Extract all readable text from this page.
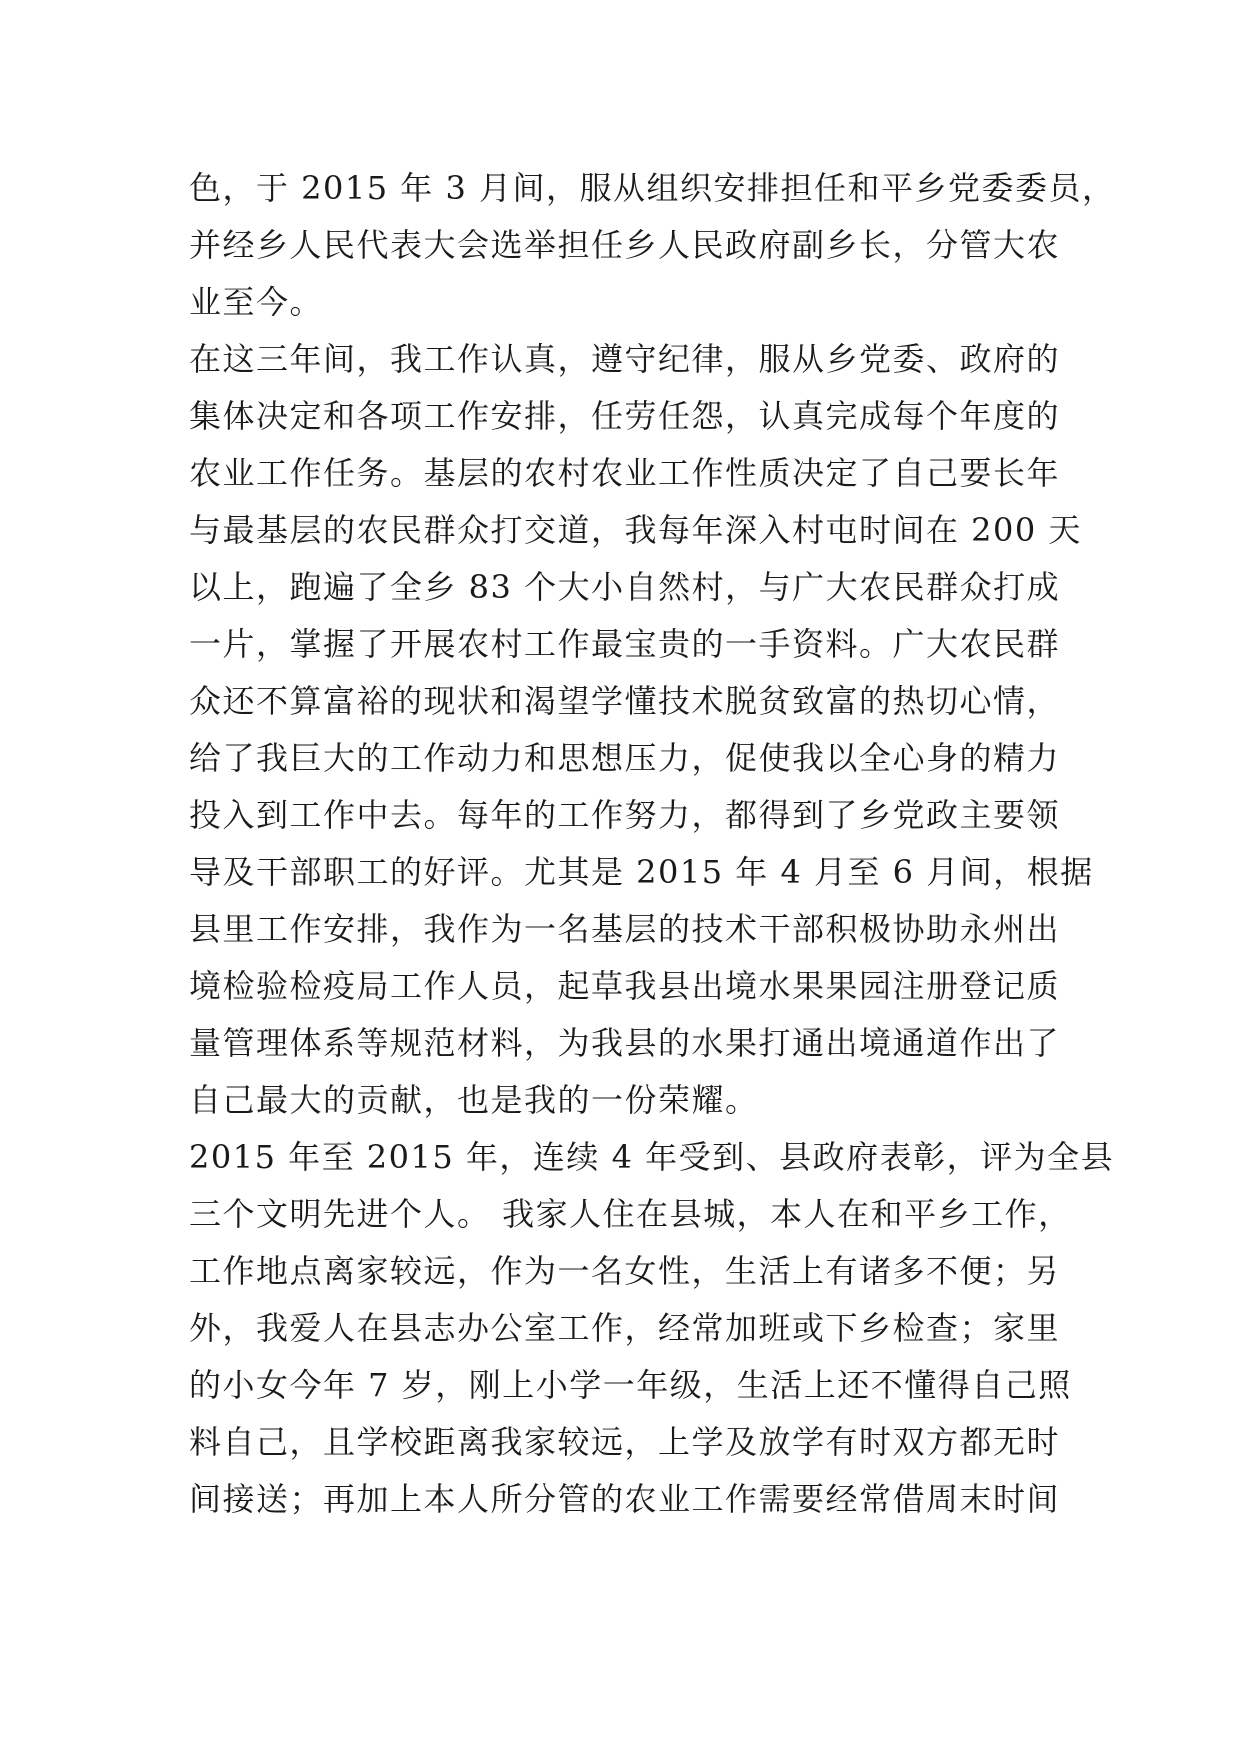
色，于 2015 年 3 月间，服从组织安排担任和平乡党委委员，
并经乡人民代表大会选举担任乡人民政府副乡长，分管大农
业至今。
在这三年间，我工作认真，遵守纪律，服从乡党委、政府的
集体决定和各项工作安排，任劳任怨，认真完成每个年度的
农业工作任务。基层的农村农业工作性质决定了自己要长年
与最基层的农民群众打交道，我每年深入村屯时间在 200 天
以上，跑遍了全乡 83 个大小自然村，与广大农民群众打成
一片，掌握了开展农村工作最宝贵的一手资料。广大农民群
众还不算富裕的现状和渴望学懂技术脱贫致富的热切心情，
给了我巨大的工作动力和思想压力，促使我以全心身的精力
投入到工作中去。每年的工作努力，都得到了乡党政主要领
导及干部职工的好评。尤其是 2015 年 4 月至 6 月间，根据
县里工作安排，我作为一名基层的技术干部积极协助永州出
境检验检疫局工作人员，起草我县出境水果果园注册登记质
量管理体系等规范材料，为我县的水果打通出境通道作出了
自己最大的贡献，也是我的一份荣耀。
2015 年至 2015 年，连续 4 年受到、县政府表彰，评为全县
三个文明先进个人。 我家人住在县城，本人在和平乡工作，
工作地点离家较远，作为一名女性，生活上有诸多不便；另
外，我爱人在县志办公室工作，经常加班或下乡检查；家里
的小女今年 7 岁，刚上小学一年级，生活上还不懂得自己照
料自己，且学校距离我家较远，上学及放学有时双方都无时
间接送；再加上本人所分管的农业工作需要经常借周末时间
